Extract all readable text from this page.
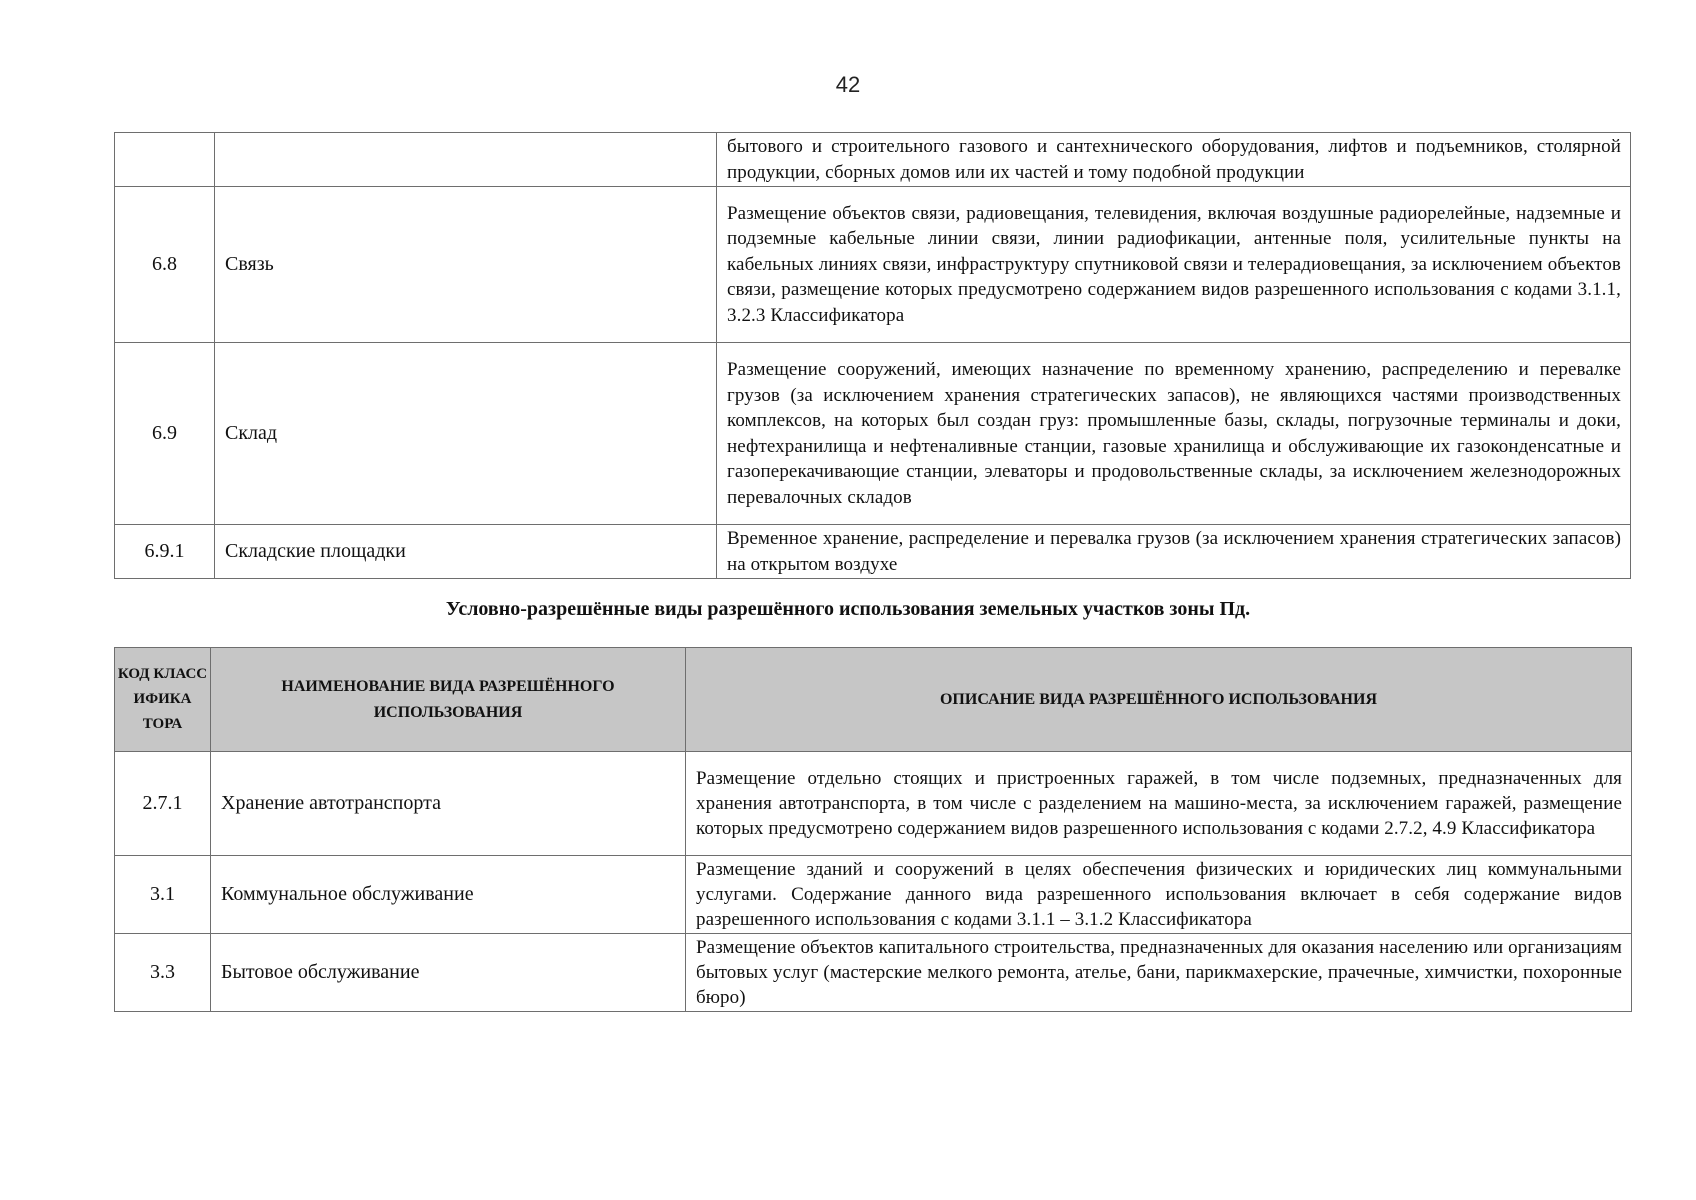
42
		бытового и строительного газового и сантехнического оборудования, лифтов и подъемников, столярной продукции, сборных домов или их частей и тому подобной продукции
6.8	Связь	Размещение объектов связи, радиовещания, телевидения, включая воздушные радиорелейные, надземные и подземные кабельные линии связи, линии радиофикации, антенные поля, усилительные пункты на кабельных линиях связи, инфраструктуру спутниковой связи и телерадиовещания, за исключением объектов связи, размещение которых предусмотрено содержанием видов разрешенного использования с кодами 3.1.1, 3.2.3 Классификатора
6.9	Склад	Размещение сооружений, имеющих назначение по временному хранению, распределению и перевалке грузов (за исключением хранения стратегических запасов), не являющихся частями производственных комплексов, на которых был создан груз: промышленные базы, склады, погрузочные терминалы и доки, нефтехранилища и нефтеналивные станции, газовые хранилища и обслуживающие их газоконденсатные и газоперекачивающие станции, элеваторы и продовольственные склады, за исключением железнодорожных перевалочных складов
6.9.1	Складские площадки	Временное хранение, распределение и перевалка грузов (за исключением хранения стратегических запасов) на открытом воздухе
Условно-разрешённые виды разрешённого использования земельных участков зоны Пд.
КОД КЛАСС ИФИКА ТОРА	НАИМЕНОВАНИЕ ВИДА РАЗРЕШЁННОГО ИСПОЛЬЗОВАНИЯ	ОПИСАНИЕ ВИДА РАЗРЕШЁННОГО ИСПОЛЬЗОВАНИЯ
2.7.1	Хранение автотранспорта	Размещение отдельно стоящих и пристроенных гаражей, в том числе подземных, предназначенных для хранения автотранспорта, в том числе с разделением на машино-места, за исключением гаражей, размещение которых предусмотрено содержанием видов разрешенного использования с кодами 2.7.2, 4.9 Классификатора
3.1	Коммунальное обслуживание	Размещение зданий и сооружений в целях обеспечения физических и юридических лиц коммунальными услугами. Содержание данного вида разрешенного использования включает в себя содержание видов разрешенного использования с кодами 3.1.1 – 3.1.2 Классификатора
3.3	Бытовое обслуживание	Размещение объектов капитального строительства, предназначенных для оказания населению или организациям бытовых услуг (мастерские мелкого ремонта, ателье, бани, парикмахерские, прачечные, химчистки, похоронные бюро)
